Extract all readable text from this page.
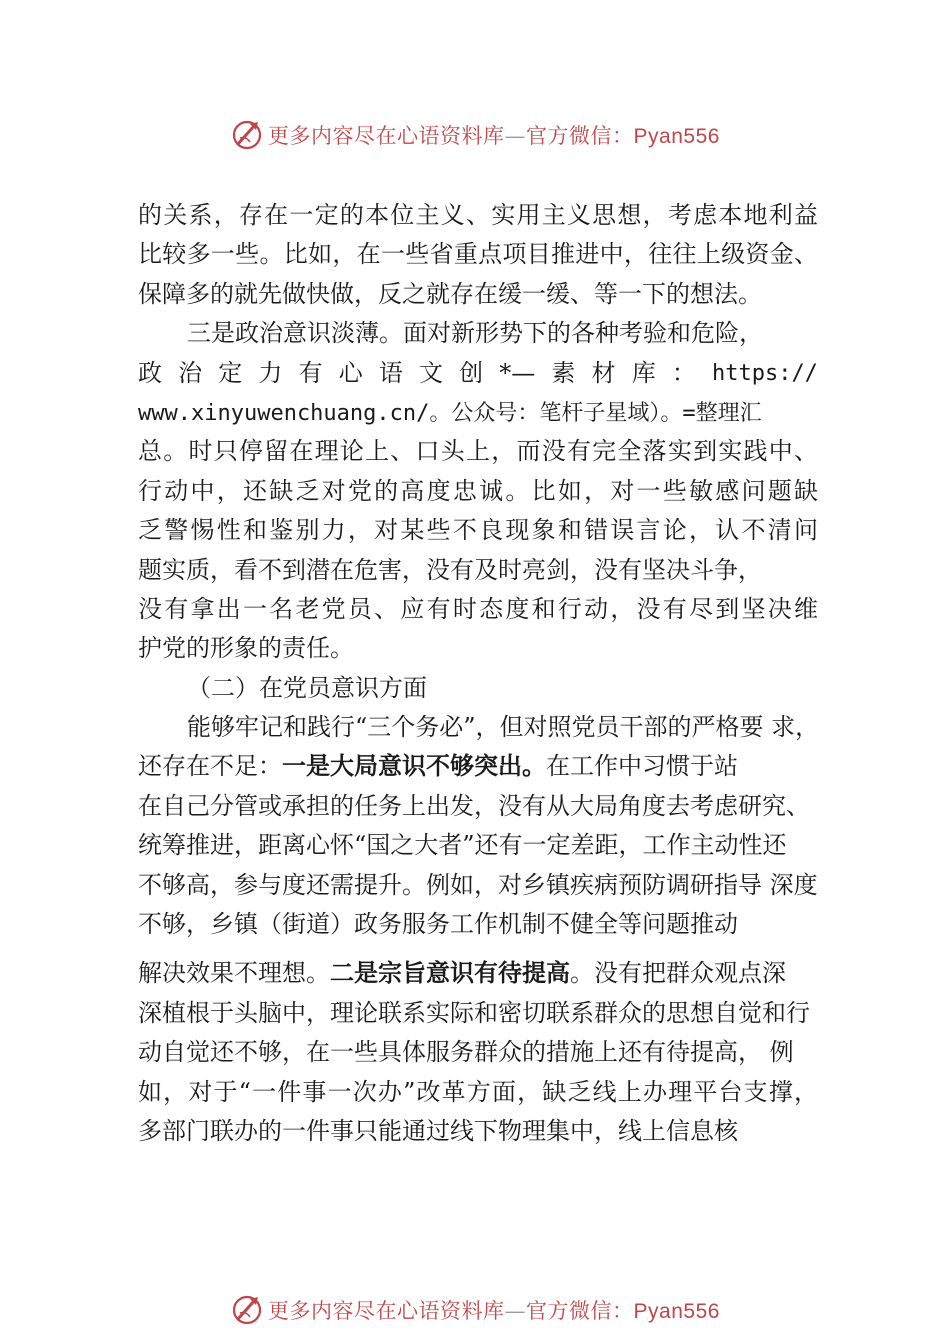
更多内容尽在心语资料库—官方微信：Pyan556
的关系，存在一定的本位主义、实用主义思想，考虑本地利益
比较多一些。比如，在一些省重点项目推进中，往往上级资金、
保障多的就先做快做，反之就存在缓一缓、等一下的想法。
三是政治意识淡薄。面对新形势下的各种考验和危险，
政 治 定 力 有 心 语 文 创 *— 素 材 库 ： https://
www.xinyuwenchuang.cn/。公众号：笔杆子星域）。=整理汇
总。时只停留在理论上、口头上，而没有完全落实到实践中、
行动中，还缺乏对党的高度忠诚。比如，对一些敏感问题缺
乏警惕性和鉴别力，对某些不良现象和错误言论，认不清问
题实质，看不到潜在危害，没有及时亮剑，没有坚决斗争，
没有拿出一名老党员、应有时态度和行动，没有尽到坚决维
护党的形象的责任。
（二）在党员意识方面
能够牢记和践行“三个务必”，但对照党员干部的严格要 求，
还存在不足：一是大局意识不够突出。在工作中习惯于站
在自己分管或承担的任务上出发，没有从大局角度去考虑研究、
统筹推进，距离心怀“国之大者”还有一定差距，工作主动性还
不够高，参与度还需提升。例如，对乡镇疾病预防调研指导 深度
不够，乡镇（街道）政务服务工作机制不健全等问题推动
解决效果不理想。二是宗旨意识有待提高。没有把群众观点深
深植根于头脑中，理论联系实际和密切联系群众的思想自觉和行
动自觉还不够，在一些具体服务群众的措施上还有待提高， 例
如，对于“一件事一次办”改革方面，缺乏线上办理平台支撑，
多部门联办的一件事只能通过线下物理集中，线上信息核
更多内容尽在心语资料库—官方微信：Pyan556
